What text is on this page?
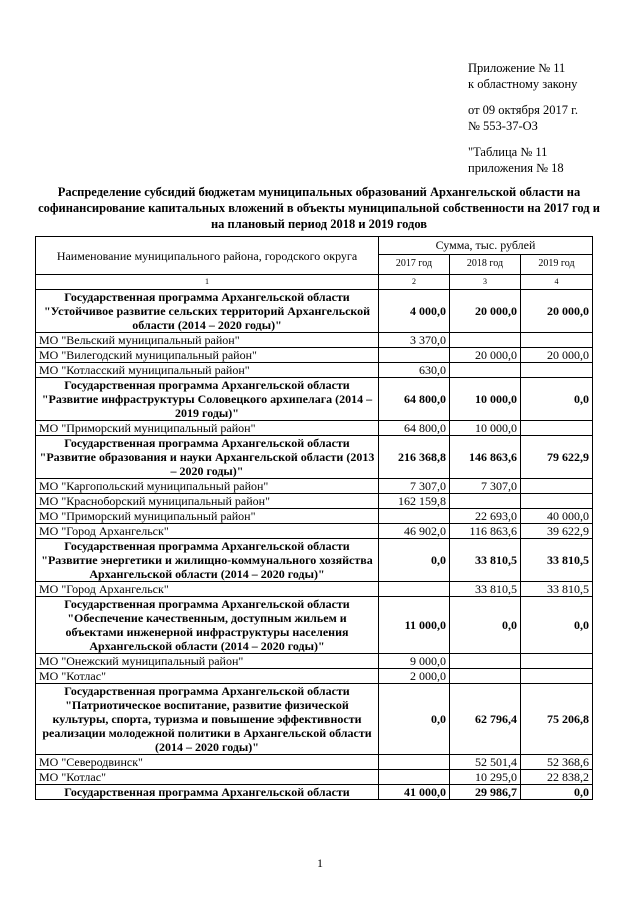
Приложение № 11
к областному закону
от 09 октября 2017 г.
№ 553-37-ОЗ
"Таблица № 11
приложения № 18
Распределение субсидий бюджетам муниципальных образований Архангельской области на софинансирование капитальных вложений в объекты муниципальной собственности на 2017 год и на плановый период 2018 и 2019 годов
Наименование муниципального района, городского округа	Сумма, тыс. рублей		
	2017 год	2018 год	2019 год
1	2	3	4
Государственная программа Архангельской области "Устойчивое развитие сельских территорий Архангельской области (2014 – 2020 годы)"	4 000,0	20 000,0	20 000,0
МО "Вельский муниципальный район"	3 370,0		
МО "Вилегодский муниципальный район"		20 000,0	20 000,0
МО "Котласский муниципальный район"	630,0		
Государственная программа Архангельской области "Развитие инфраструктуры Соловецкого архипелага (2014 – 2019 годы)"	64 800,0	10 000,0	0,0
МО "Приморский муниципальный район"	64 800,0	10 000,0	
Государственная программа Архангельской области "Развитие образования и науки Архангельской области (2013 – 2020 годы)"	216 368,8	146 863,6	79 622,9
МО "Каргопольский муниципальный район"	7 307,0	7 307,0	
МО "Красноборский муниципальный район"	162 159,8		
МО "Приморский муниципальный район"		22 693,0	40 000,0
МО "Город Архангельск"	46 902,0	116 863,6	39 622,9
Государственная программа Архангельской области "Развитие энергетики и жилищно-коммунального хозяйства Архангельской области (2014 – 2020 годы)"	0,0	33 810,5	33 810,5
МО "Город Архангельск"		33 810,5	33 810,5
Государственная программа Архангельской области "Обеспечение качественным, доступным жильем и объектами инженерной инфраструктуры населения Архангельской области (2014 – 2020 годы)"	11 000,0	0,0	0,0
МО "Онежский муниципальный район"	9 000,0		
МО "Котлас"	2 000,0		
Государственная программа Архангельской области "Патриотическое воспитание, развитие физической культуры, спорта, туризма и повышение эффективности реализации молодежной политики в Архангельской области (2014 – 2020 годы)"	0,0	62 796,4	75 206,8
МО "Северодвинск"		52 501,4	52 368,6
МО "Котлас"		10 295,0	22 838,2
Государственная программа Архангельской области	41 000,0	29 986,7	0,0
1
